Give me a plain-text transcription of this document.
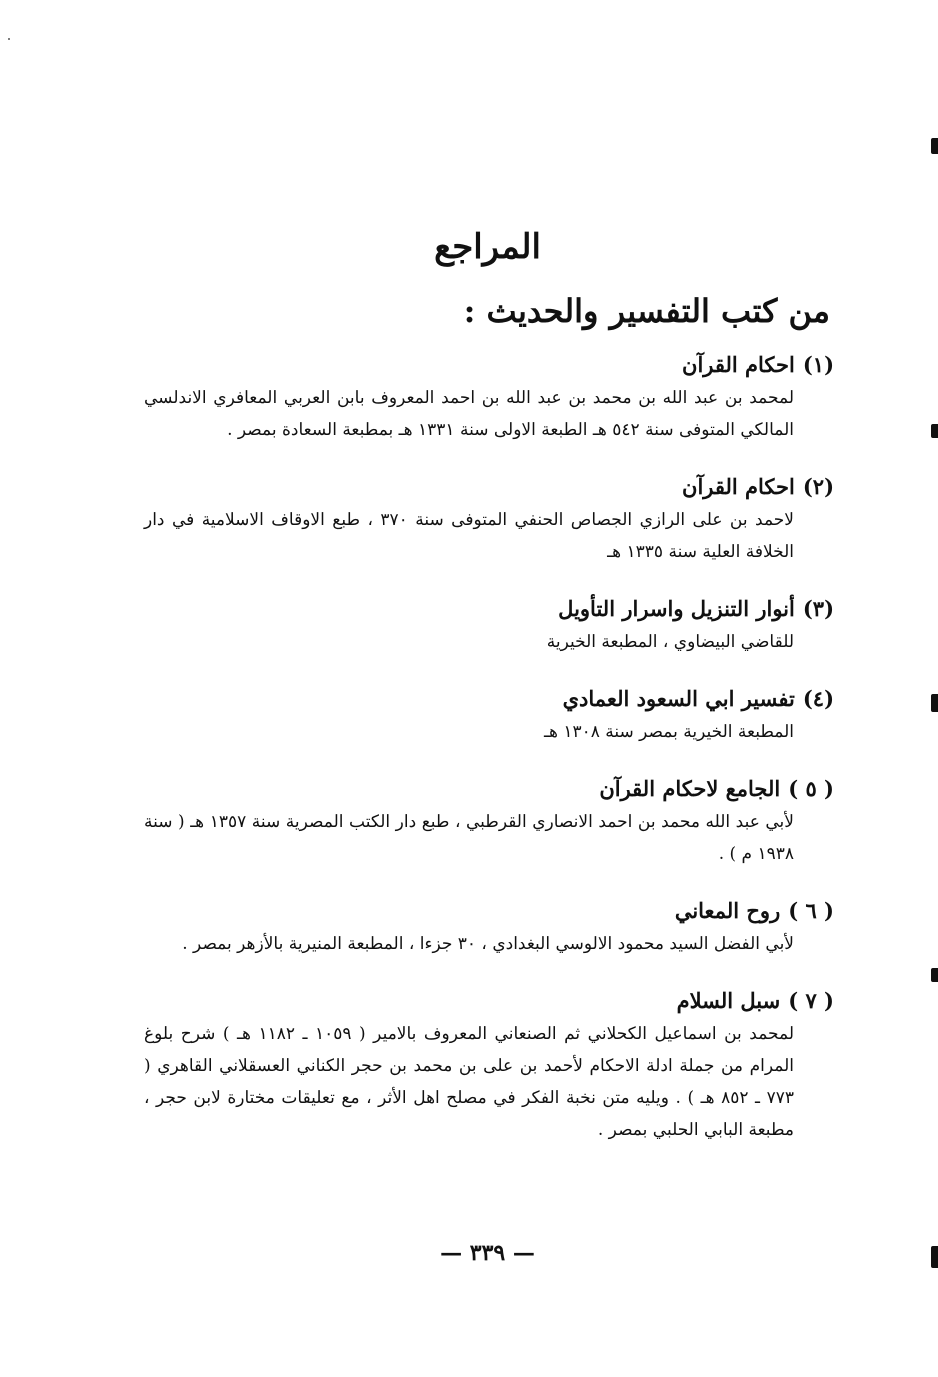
المراجع
من كتب التفسير والحديث :

(١)احكام القرآن

لمحمد بن عبد الله بن محمد بن عبد الله بن احمد المعروف بابن العربي المعافري الاندلسي المالكي المتوفى سنة ٥٤٢ هـ الطبعة الاولى سنة ١٣٣١ هـ بمطبعة السعادة بمصر .

(٢)احكام القرآن

لاحمد بن على الرازي الجصاص الحنفي المتوفى سنة ٣٧٠ ، طبع الاوقاف الاسلامية في دار الخلافة العلية سنة ١٣٣٥ هـ

(٣)أنوار التنزيل واسرار التأويل

للقاضي البيضاوي ، المطبعة الخيرية

(٤)تفسير ابي السعود العمادي

المطبعة الخيرية بمصر سنة ١٣٠٨ هـ

( ٥ )الجامع لاحكام القرآن

لأبي عبد الله محمد بن احمد الانصاري القرطبي ، طبع دار الكتب المصرية سنة ١٣٥٧ هـ ( سنة ١٩٣٨ م ) .

( ٦ )روح المعاني

لأبي الفضل السيد محمود الالوسي البغدادي ، ٣٠ جزءا ، المطبعة المنيرية بالأزهر بمصر .

( ٧ )سبل السلام

لمحمد بن اسماعيل الكحلاني ثم الصنعاني المعروف بالامير ( ١٠٥٩ ـ ١١٨٢ هـ ) شرح بلوغ المرام من جملة ادلة الاحكام لأحمد بن على بن محمد بن حجر الكناني العسقلاني القاهري ( ٧٧٣ ـ ٨٥٢ هـ ) . ويليه متن نخبة الفكر في مصلح اهل الأثر ، مع تعليقات مختارة لابن حجر ، مطبعة البابي الحلبي بمصر .

— ٣٣٩ —
